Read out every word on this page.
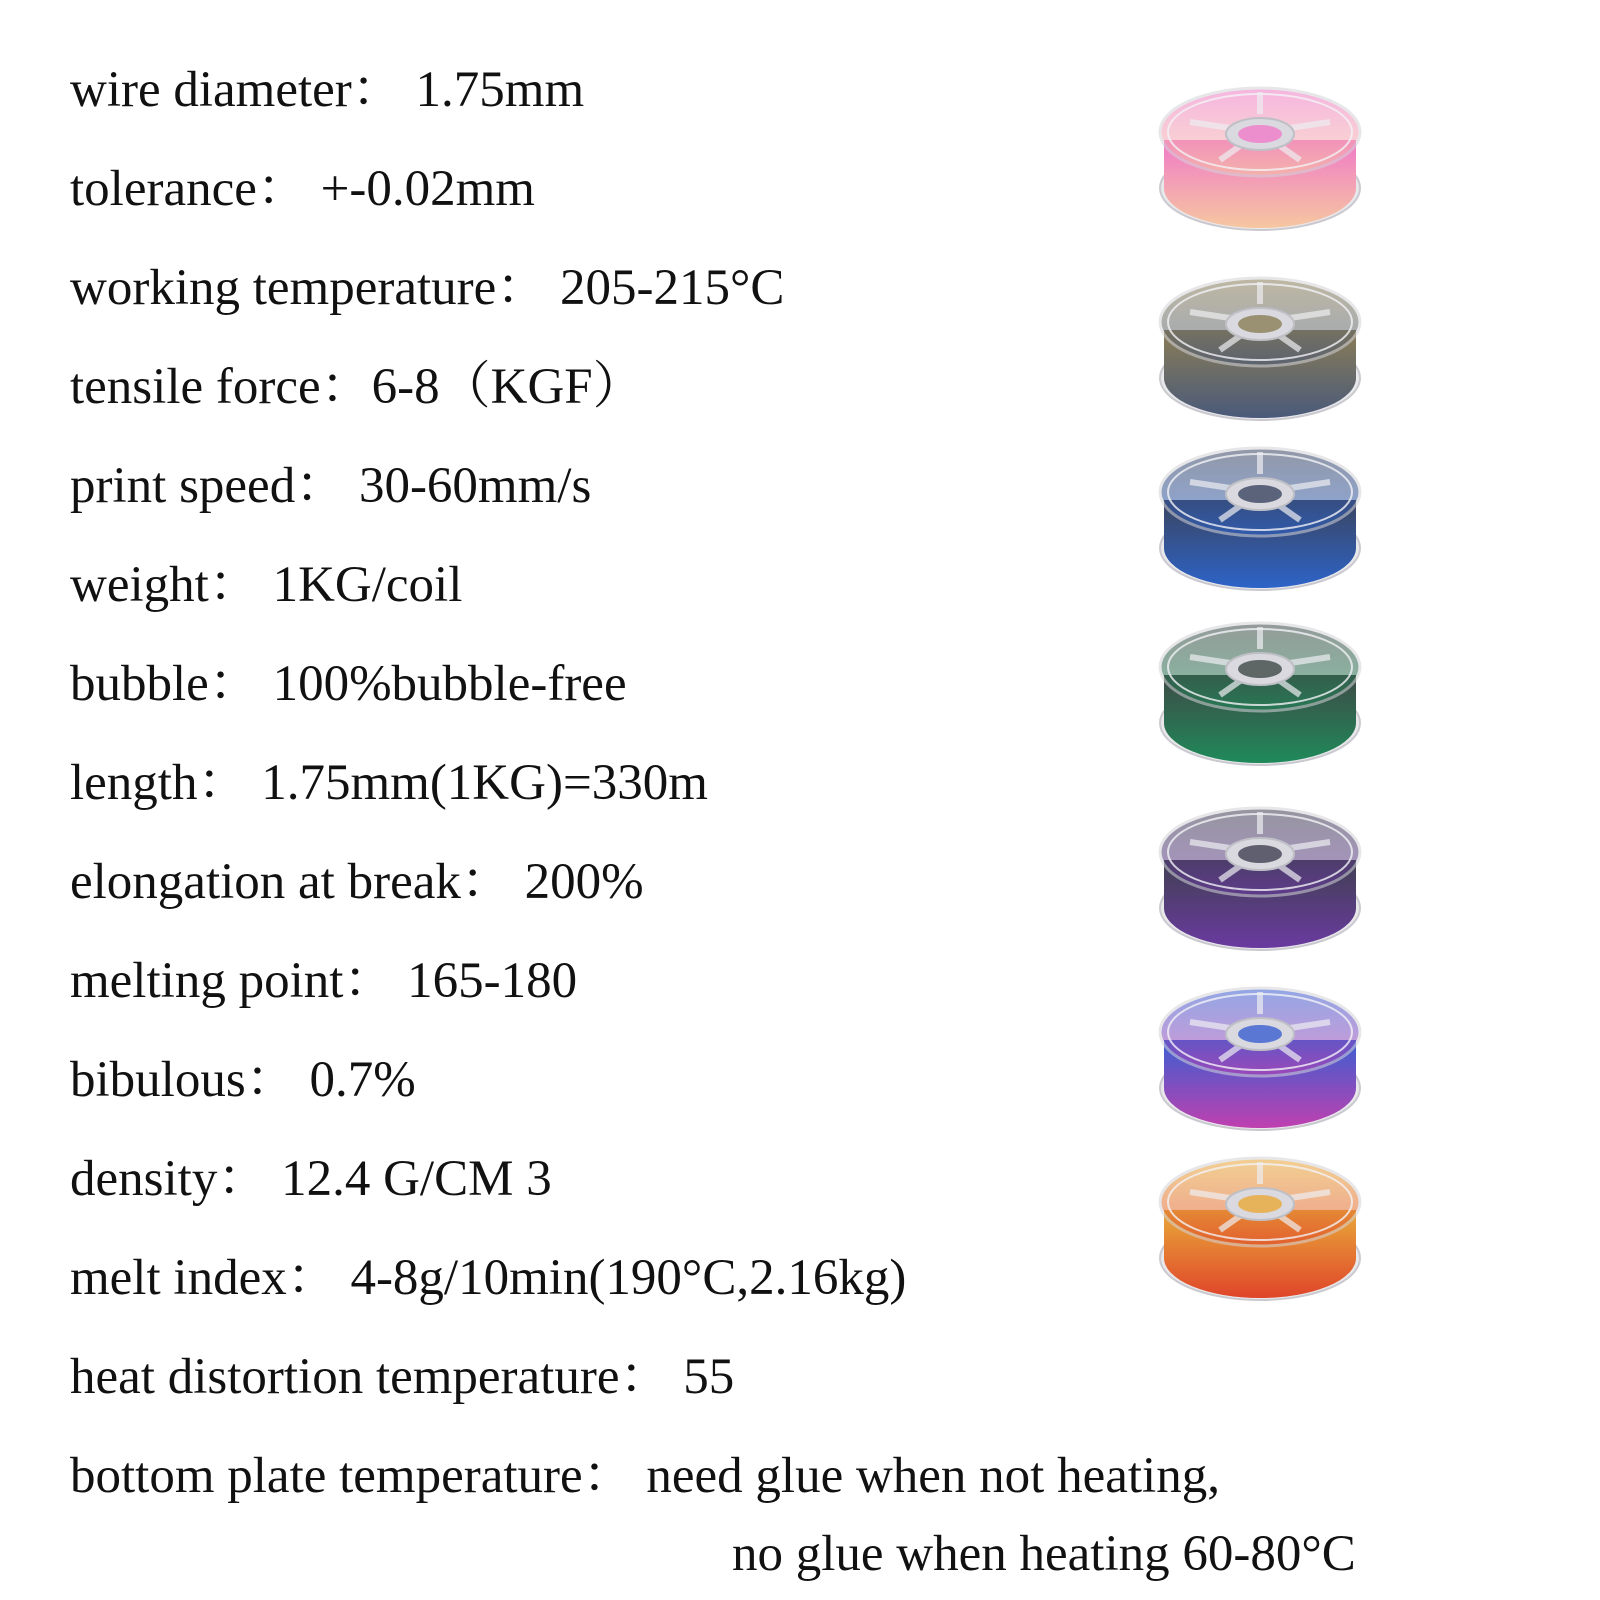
wire diameter： 1.75mm
tolerance： +-0.02mm
working temperature： 205-215°C
tensile force：6-8（KGF）
print speed： 30-60mm/s
weight： 1KG/coil
bubble： 100%bubble-free
length： 1.75mm(1KG)=330m
elongation at break： 200%
melting point： 165-180
bibulous： 0.7%
density： 12.4 G/CM 3
melt index： 4-8g/10min(190°C,2.16kg)
heat distortion temperature： 55
bottom plate temperature： need glue when not heating,
no glue when heating 60-80°C
